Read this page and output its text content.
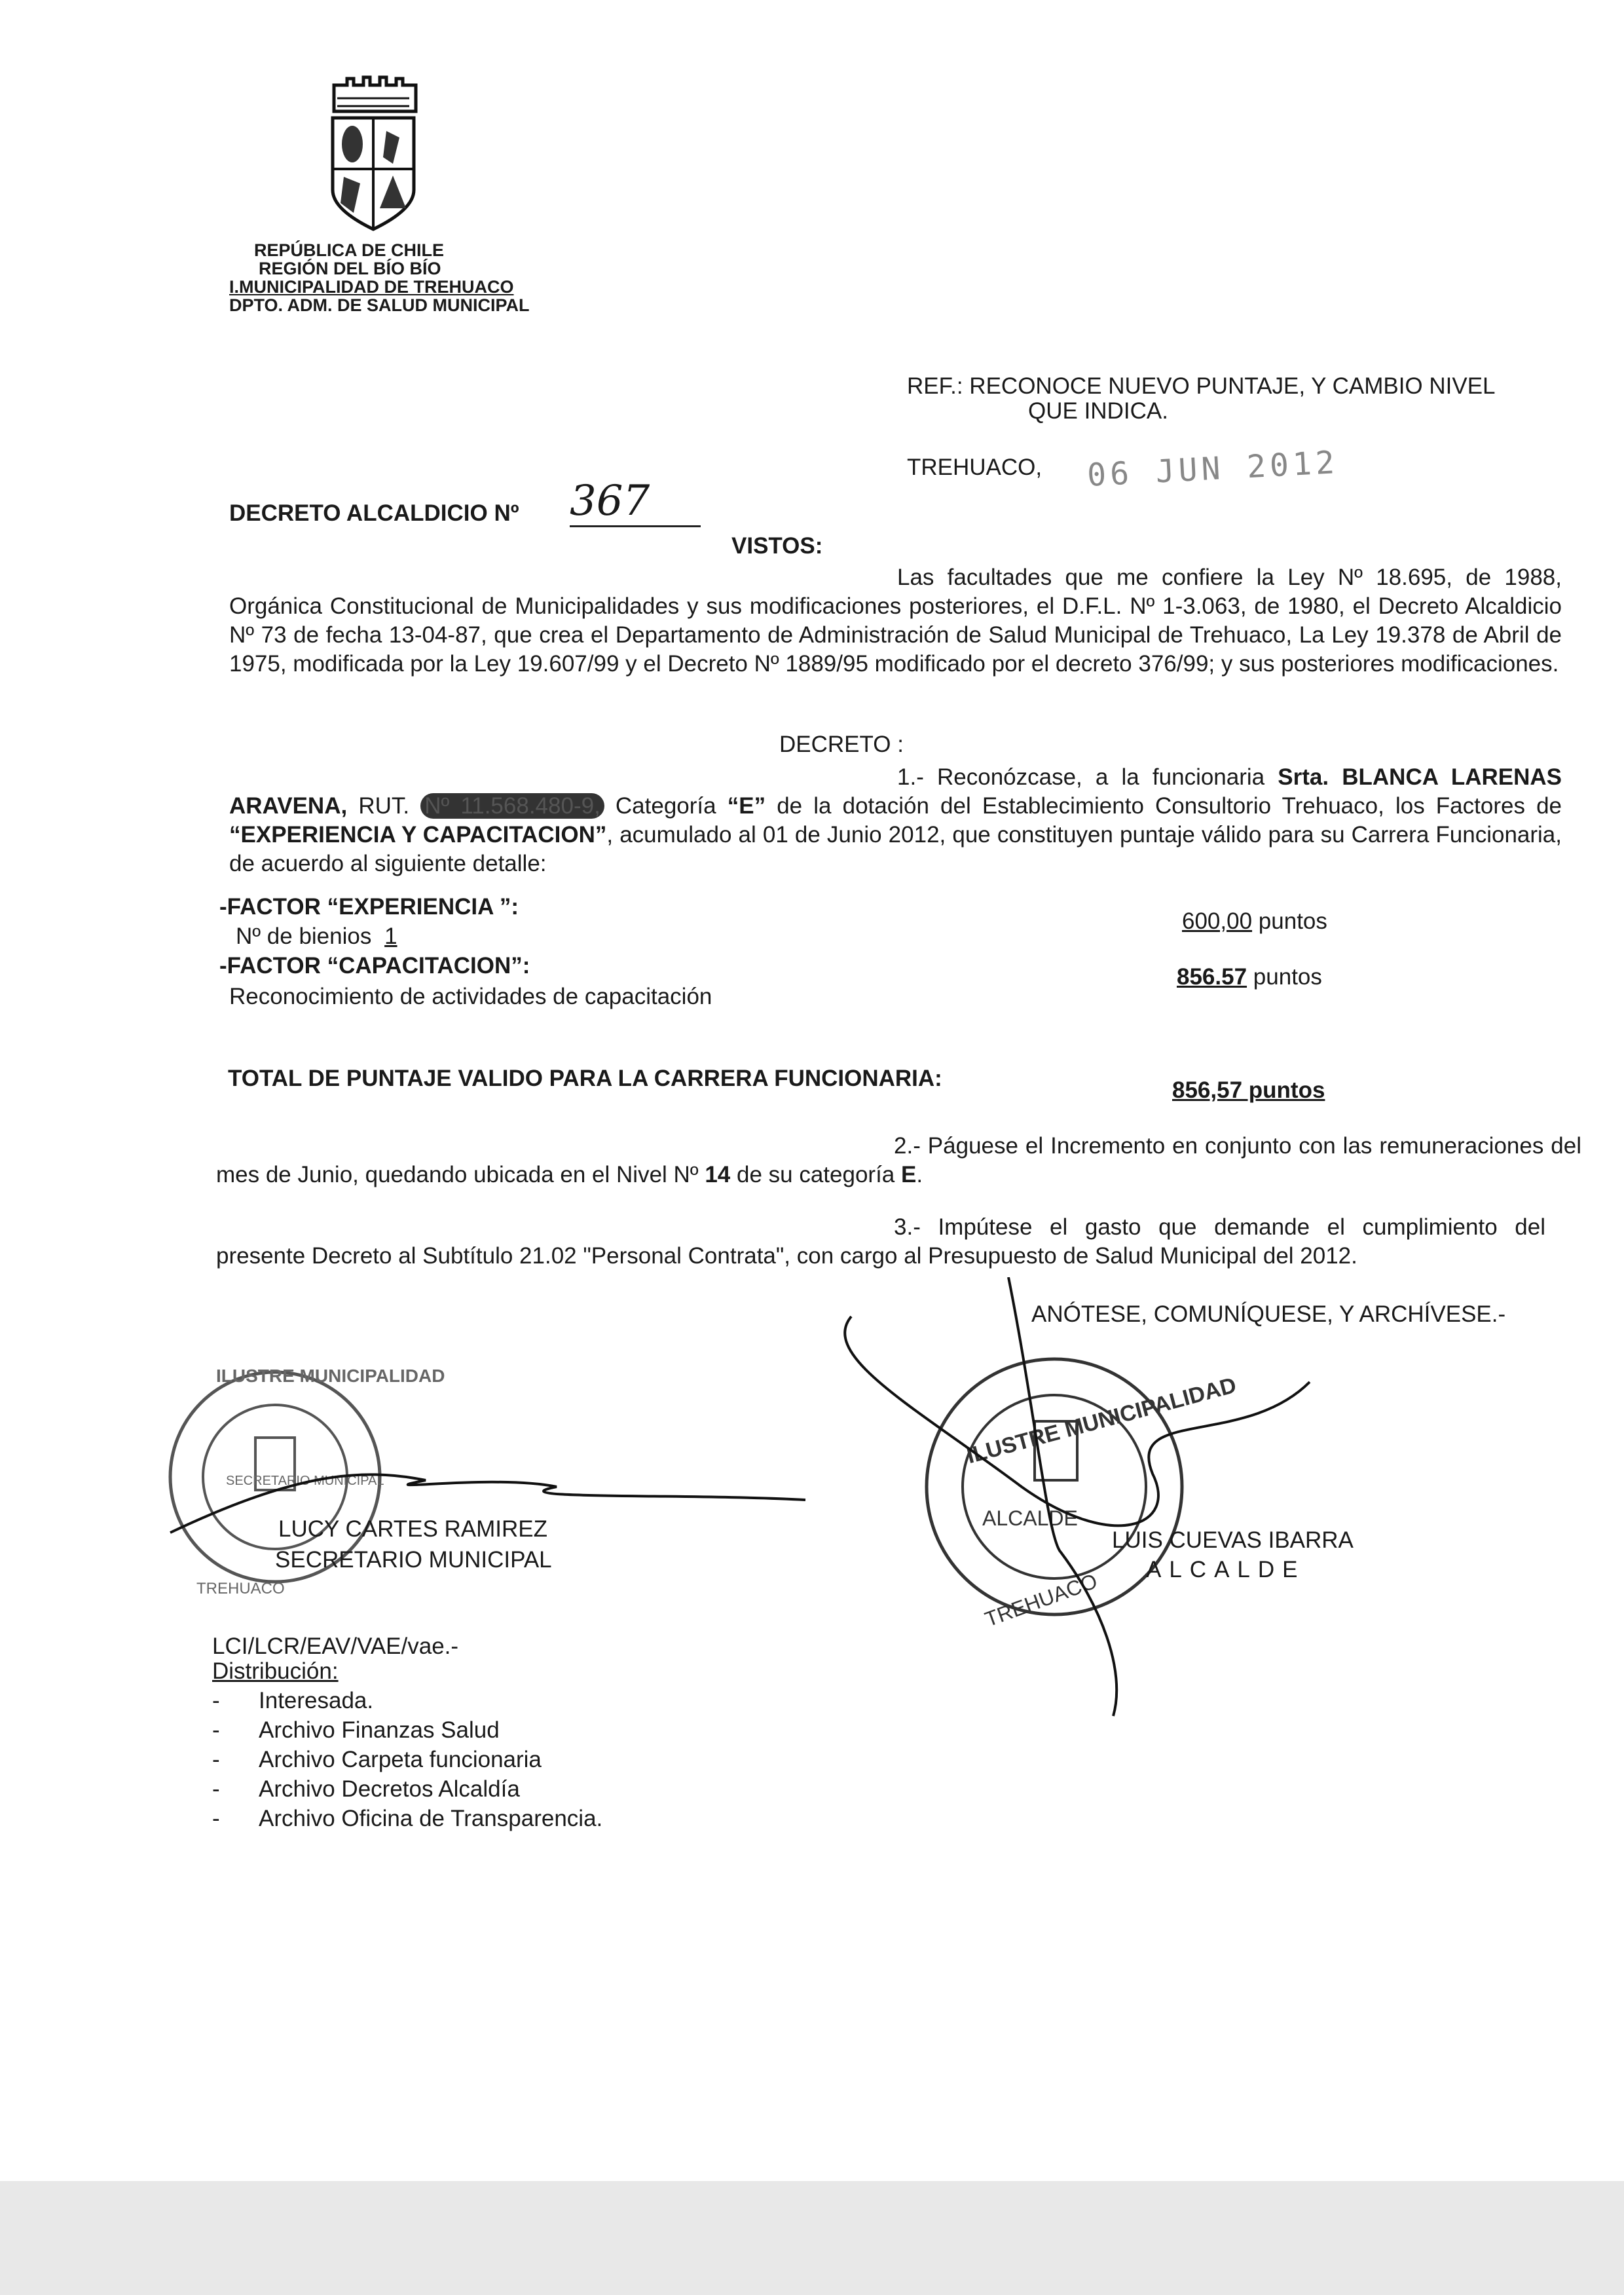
REPÚBLICA DE CHILE
REGIÓN DEL BÍO BÍO
I.MUNICIPALIDAD DE TREHUACO
DPTO. ADM. DE SALUD MUNICIPAL
REF.: RECONOCE NUEVO PUNTAJE, Y CAMBIO NIVEL
QUE INDICA.
TREHUACO, 06 JUN 2012
DECRETO ALCALDICIO Nº 367
VISTOS:
Las facultades que me confiere la Ley Nº 18.695, de 1988, Orgánica Constitucional de Municipalidades y sus modificaciones posteriores, el D.F.L. Nº 1-3.063, de 1980, el Decreto Alcaldicio Nº 73 de fecha 13-04-87, que crea el Departamento de Administración de Salud Municipal de Trehuaco, La Ley 19.378 de Abril de 1975, modificada por la Ley 19.607/99 y el Decreto Nº 1889/95 modificado por el decreto 376/99; y sus posteriores modificaciones.
DECRETO :
1.- Reconózcase, a la funcionaria Srta. BLANCA LARENAS ARAVENA, RUT. Nº 11.568.480-9, Categoría “E” de la dotación del Establecimiento Consultorio Trehuaco, los Factores de “EXPERIENCIA Y CAPACITACION”, acumulado al 01 de Junio 2012, que constituyen puntaje válido para su Carrera Funcionaria, de acuerdo al siguiente detalle:
-FACTOR “EXPERIENCIA ”:
Nº de bienios 1
600,00 puntos
-FACTOR “CAPACITACION”:
Reconocimiento de actividades de capacitación
856.57 puntos
TOTAL DE PUNTAJE VALIDO PARA LA CARRERA FUNCIONARIA:	856,57 puntos
2.- Páguese el Incremento en conjunto con las remuneraciones del mes de Junio, quedando ubicada en el Nivel Nº 14 de su categoría E.
3.- Impútese el gasto que demande el cumplimiento del presente Decreto al Subtítulo 21.02 "Personal Contrata", con cargo al Presupuesto de Salud Municipal del 2012.
ANÓTESE, COMUNÍQUESE, Y ARCHÍVESE.-
ILUSTRE MUNICIPALIDAD
SECRETARIO MUNICIPAL
TREHUACO
LUCY CARTES RAMIREZ
SECRETARIO MUNICIPAL
ILUSTRE MUNICIPALIDAD
ALCALDE
TREHUACO
LUIS CUEVAS IBARRA
ALCALDE
LCI/LCR/EAV/VAE/vae.-
Distribución:
- Interesada.
- Archivo Finanzas Salud
- Archivo Carpeta funcionaria
- Archivo Decretos Alcaldía
- Archivo Oficina de Transparencia.
